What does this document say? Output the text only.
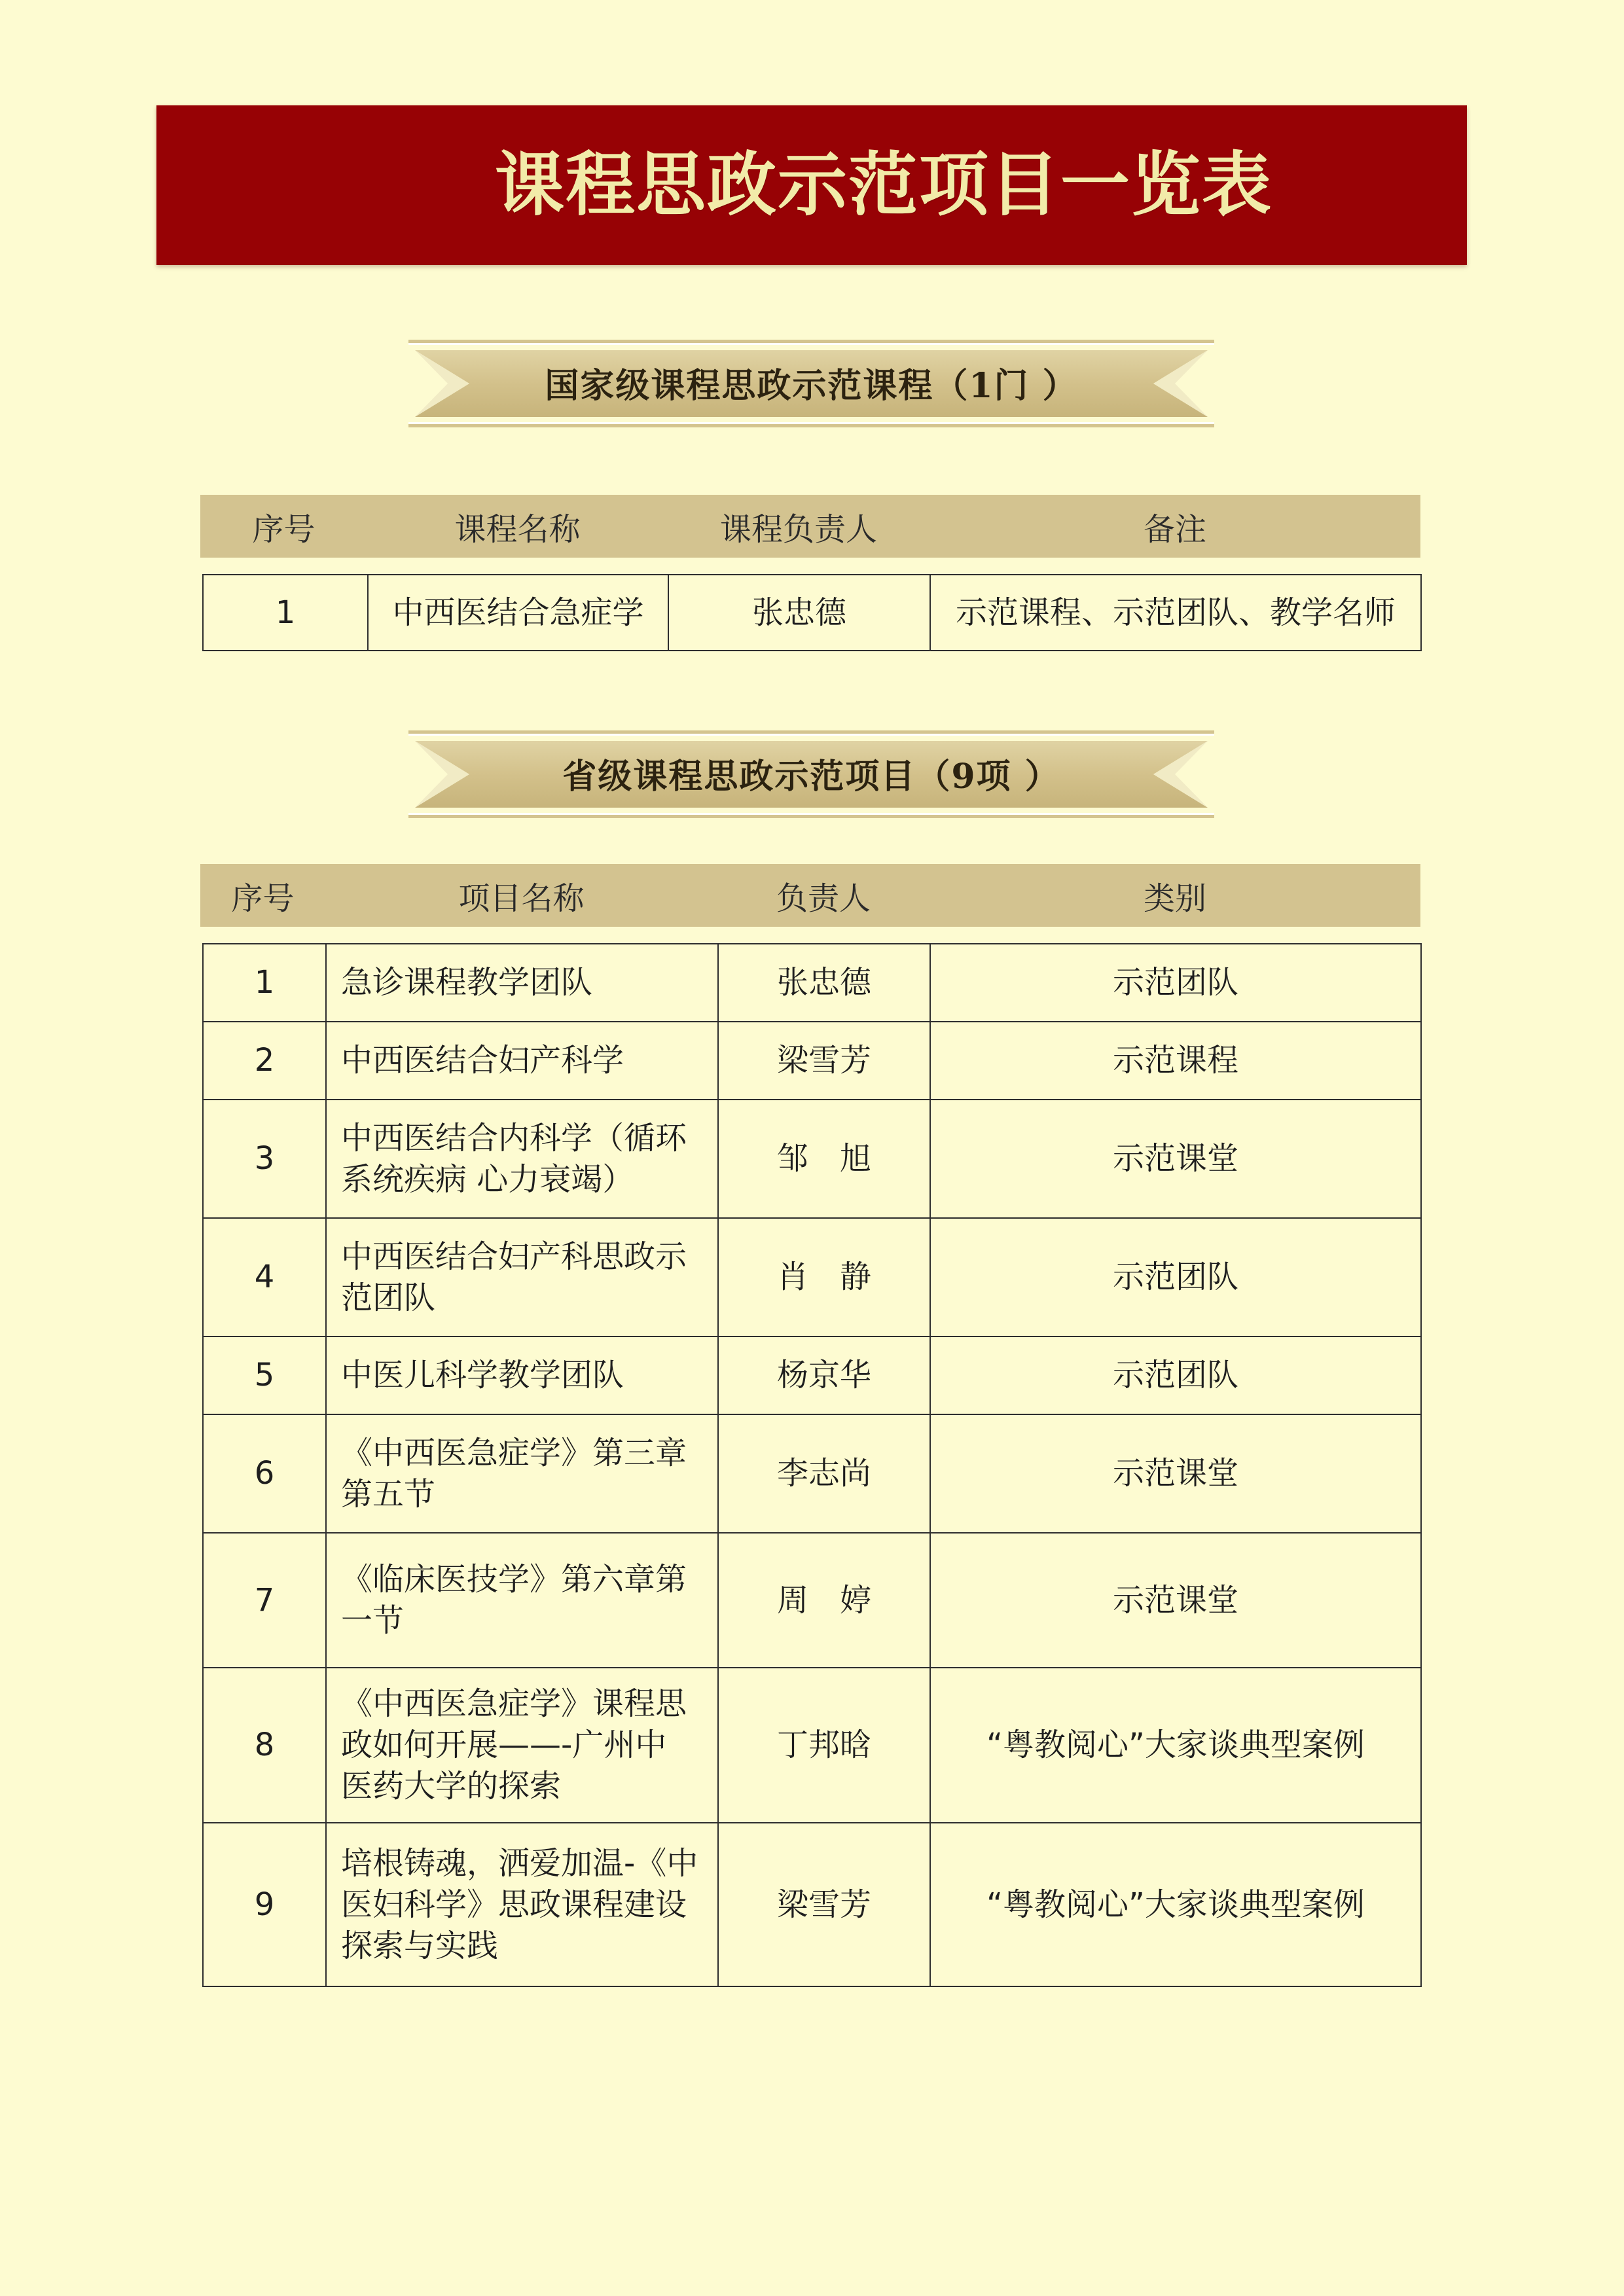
课程思政示范项目一览表
国家级课程思政示范课程（1门 ）
序号	课程名称	课程负责人	备注
1	中西医结合急症学	张忠德	示范课程、示范团队、教学名师
省级课程思政示范项目（9项 ）
序号	项目名称	负责人	类别
1	急诊课程教学团队	张忠德	示范团队
2	中西医结合妇产科学	梁雪芳	示范课程
3	中西医结合内科学（循环系统疾病 心力衰竭）	邹　旭	示范课堂
4	中西医结合妇产科思政示范团队	肖　静	示范团队
5	中医儿科学教学团队	杨京华	示范团队
6	《中西医急症学》第三章第五节	李志尚	示范课堂
7	《临床医技学》第六章第一节	周　婷	示范课堂
8	《中西医急症学》课程思政如何开展——-广州中医药大学的探索	丁邦晗	“粤教阅心”大家谈典型案例
9	培根铸魂，洒爱加温-《中医妇科学》思政课程建设探索与实践	梁雪芳	“粤教阅心”大家谈典型案例
